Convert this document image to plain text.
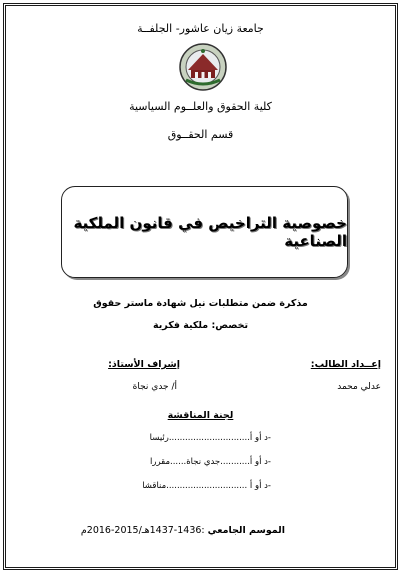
جامعة زيان عاشور- الجلفــة
كلية الحقوق والعلــوم السياسية
قسم الحقــوق
خصوصية التراخيص في قانون الملكية الصناعية
مذكرة ضمن متطلبات نيل شهادة ماستر حقوق
تخصص: ملكية فكرية
إعــداد الطالب:
إشراف الأستاذ:
عدلي محمد
أ/ جدي نجاة
لجنة المناقشة
-د أو أ..............................رئيسا
-د أو أ...........جدي نجاة......مقررا
-د أو أ ..............................مناقشا
الموسم الجامعي :1436-1437هـ/2015-2016م
